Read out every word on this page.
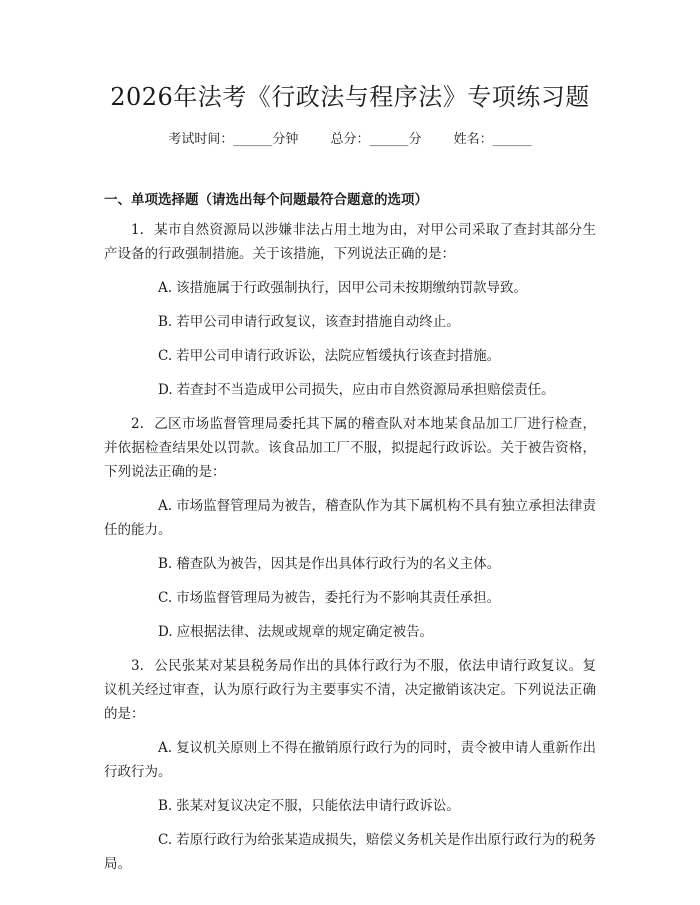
2026年法考《行政法与程序法》专项练习题
考试时间：______分钟 总分：______分 姓名：______
一、单项选择题（请选出每个问题最符合题意的选项）

1. 某市自然资源局以涉嫌非法占用土地为由，对甲公司采取了查封其部分生产设备的行政强制措施。关于该措施，下列说法正确的是：

A. 该措施属于行政强制执行，因甲公司未按期缴纳罚款导致。

B. 若甲公司申请行政复议，该查封措施自动终止。

C. 若甲公司申请行政诉讼，法院应暂缓执行该查封措施。

D. 若查封不当造成甲公司损失，应由市自然资源局承担赔偿责任。

2. 乙区市场监督管理局委托其下属的稽查队对本地某食品加工厂进行检查，并依据检查结果处以罚款。该食品加工厂不服，拟提起行政诉讼。关于被告资格，下列说法正确的是：

A. 市场监督管理局为被告，稽查队作为其下属机构不具有独立承担法律责任的能力。

B. 稽查队为被告，因其是作出具体行政行为的名义主体。

C. 市场监督管理局为被告，委托行为不影响其责任承担。

D. 应根据法律、法规或规章的规定确定被告。

3. 公民张某对某县税务局作出的具体行政行为不服，依法申请行政复议。复议机关经过审查，认为原行政行为主要事实不清，决定撤销该决定。下列说法正确的是：

A. 复议机关原则上不得在撤销原行政行为的同时，责令被申请人重新作出行政行为。

B. 张某对复议决定不服，只能依法申请行政诉讼。

C. 若原行政行为给张某造成损失，赔偿义务机关是作出原行政行为的税务局。
